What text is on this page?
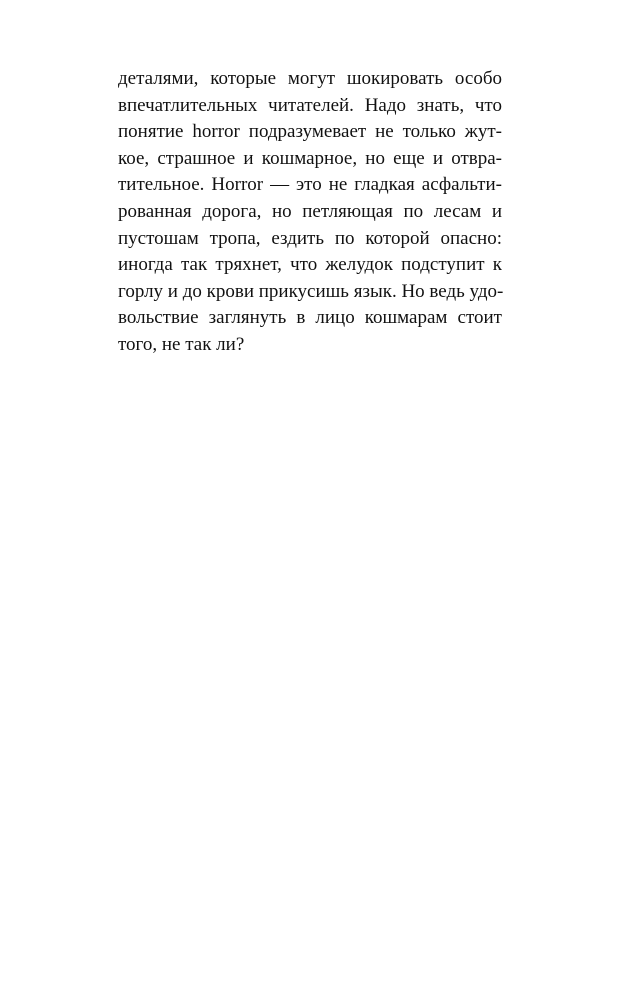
деталями, которые могут шокировать особо
впечатлительных читателей. Надо знать, что
понятие horror подразумевает не только жут-
кое, страшное и кошмарное, но еще и отвра-
тительное. Horror — это не гладкая асфальти-
рованная дорога, но петляющая по лесам и
пустошам тропа, ездить по которой опасно:
иногда так тряхнет, что желудок подступит к
горлу и до крови прикусишь язык. Но ведь удо-
вольствие заглянуть в лицо кошмарам стоит
того, не так ли?
